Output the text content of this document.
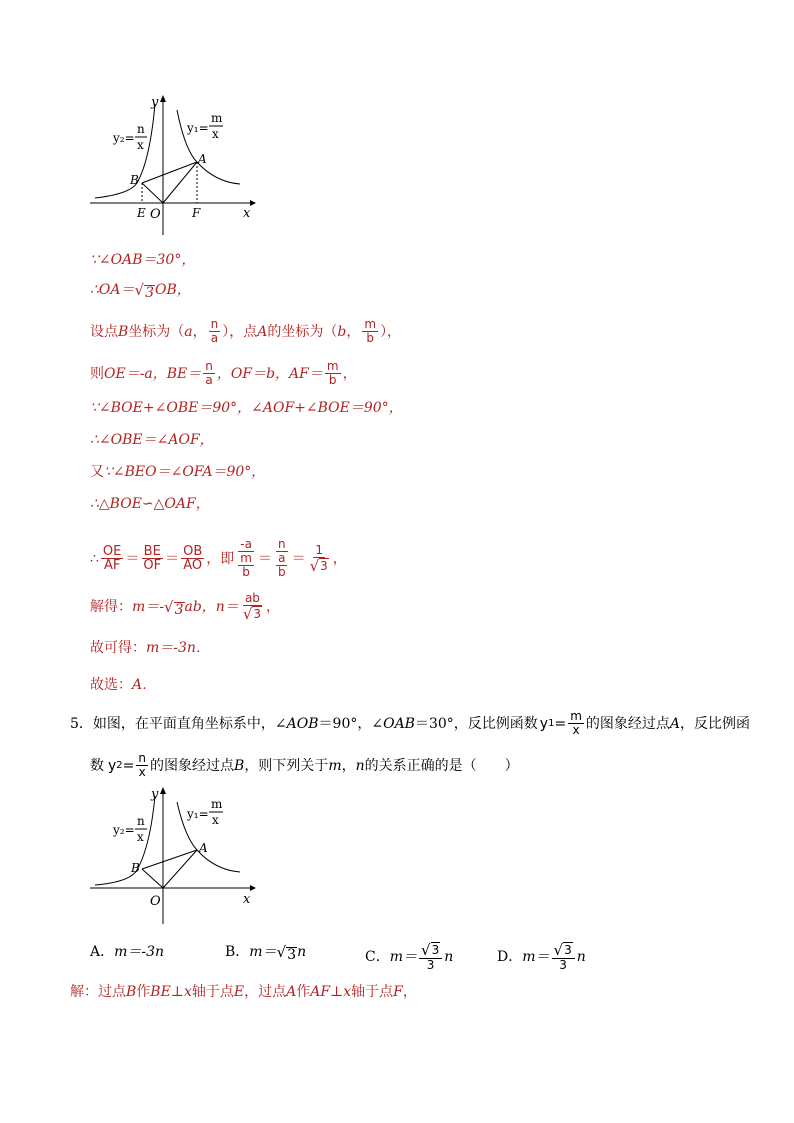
y
x
O
A
B
E	F
y₂=
n
x
y₁=
m
x
∵∠OAB＝30°，
∴OA＝ √ 3 OB，
设点 B 坐标为（ a ， $\frac{n}{a}$ ），点 A 的坐标为（ b ， $\frac{m}{b}$ ），
则 OE＝-a，$BE= \frac{n}{a}$ ，OF＝b，$AF= \frac{m}{b}$ ，
∵∠BOE+∠OBE＝90°，∠AOF+∠BOE＝90°，
∴∠OBE＝∠AOF，
又 ∵∠BEO＝∠OFA＝90°，
∴△BOE∽△OAF，
∴ $\frac{OE}{AF} = \frac{BE}{OF} = \frac{OB}{AO}$ ，即 $\frac{-a}{\frac{m}{b}} = \frac{n}{\frac{a}{b}} = \frac{1}{√ 3}$ ，
解得： m＝- √ 3 ab，$n= \frac{ab}{√ 3}$ ，
故可得： m＝-3n．
故选： A．
5．如图，在平面直角坐标系中， ∠AOB ＝90°， ∠OAB ＝30°，反比例函数 y $1 = \frac{m}{x}$ 的图象经过点 A ，反比例函
数 y $2 = \frac{n}{x}$ 的图象经过点 B ，则下列关于 m ， n 的关系正确的是（　　）
y
x
O
A
B
y₂=
n
x
y₁=
m
x
A． m＝-3n	B． m＝ √ 3 n	C． $m= \frac{√ 3}{3}$ n	D． $m= \frac{√ 3}{3}$ n
解：过点 B 作 BE⊥x 轴于点 E ，过点 A 作 AF⊥x 轴于点 F ，
